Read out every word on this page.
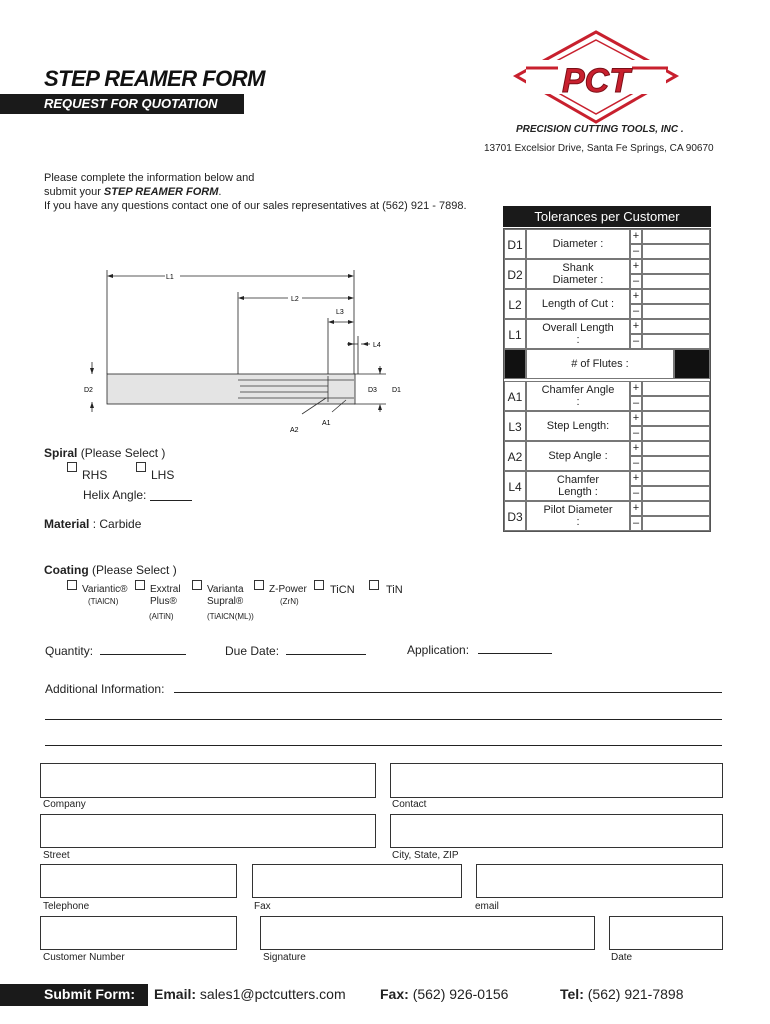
STEP REAMER FORM
REQUEST FOR QUOTATION
PCT
PRECISION CUTTING TOOLS, INC .
13701 Excelsior Drive, Santa Fe Springs, CA 90670
Please complete the information below and
submit your STEP REAMER FORM.
If you have any questions contact one of our sales representatives at (562) 921 - 7898.
Tolerances per Customer
D1	Diameter :
+
–
D2	Shank Diameter :
+
–
L2	Length of Cut :
+
–
L1	Overall Length :
+
–
# of Flutes :
A1	Chamfer Angle :
+
–
L3	Step Length:
+
–
A2	Step Angle :
+
–
L4	Chamfer Length :
+
–
D3	Pilot Diameter :
+
–
L1
L2
L3
L4
D2	D3 D1
A2
A1
Spiral (Please Select )
RHS	LHS
Helix Angle:
Material : Carbide
Coating (Please Select )
Variantic®
(TiAlCN)
Exxtral Plus®
(AlTiN)
Varianta Supral®
(TiAlCN(ML))
Z-Power
(ZrN)
TiCN	TiN
Quantity:	Due Date:	Application:
Additional Information:
Company	Contact
Street	City, State, ZIP
Telephone	Fax	email
Customer Number	Signature	Date
Submit Form: Email: sales1@pctcutters.com Fax: (562) 926-0156	Tel: (562) 921-7898
